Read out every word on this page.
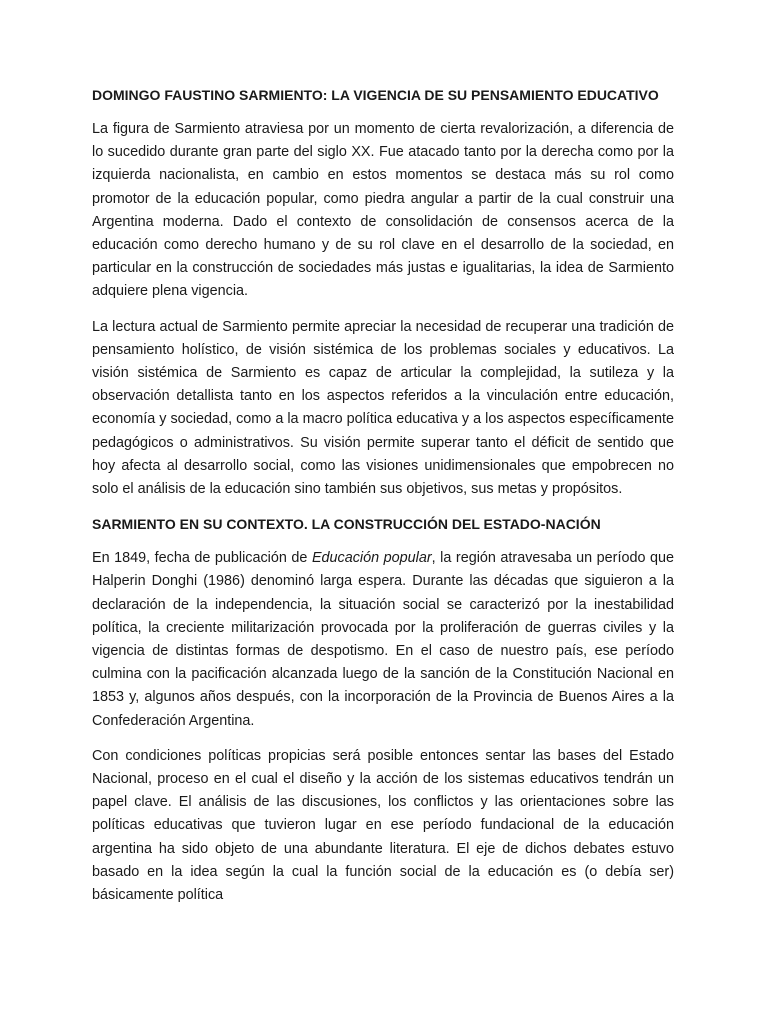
DOMINGO FAUSTINO SARMIENTO: LA VIGENCIA DE SU PENSAMIENTO EDUCATIVO

La figura de Sarmiento atraviesa por un momento de cierta revalorización, a diferencia de lo sucedido durante gran parte del siglo XX. Fue atacado tanto por la derecha como por la izquierda nacionalista, en cambio en estos momentos se destaca más su rol como promotor de la educación popular, como piedra angular a partir de la cual construir una Argentina moderna. Dado el contexto de consolidación de consensos acerca de la educación como derecho humano y de su rol clave en el desarrollo de la sociedad, en particular en la construcción de sociedades más justas e igualitarias, la idea de Sarmiento adquiere plena vigencia.

La lectura actual de Sarmiento permite apreciar la necesidad de recuperar una tradición de pensamiento holístico, de visión sistémica de los problemas sociales y educativos. La visión sistémica de Sarmiento es capaz de articular la complejidad, la sutileza y la observación detallista tanto en los aspectos referidos a la vinculación entre educación, economía y sociedad, como a la macro política educativa y a los aspectos específicamente pedagógicos o administrativos. Su visión permite superar tanto el déficit de sentido que hoy afecta al desarrollo social, como las visiones unidimensionales que empobrecen no solo el análisis de la educación sino también sus objetivos, sus metas y propósitos.

SARMIENTO EN SU CONTEXTO. LA CONSTRUCCIÓN DEL ESTADO-NACIÓN

En 1849, fecha de publicación de Educación popular, la región atravesaba un período que Halperin Donghi (1986) denominó larga espera. Durante las décadas que siguieron a la declaración de la independencia, la situación social se caracterizó por la inestabilidad política, la creciente militarización provocada por la proliferación de guerras civiles y la vigencia de distintas formas de despotismo. En el caso de nuestro país, ese período culmina con la pacificación alcanzada luego de la sanción de la Constitución Nacional en 1853 y, algunos años después, con la incorporación de la Provincia de Buenos Aires a la Confederación Argentina.

Con condiciones políticas propicias será posible entonces sentar las bases del Estado Nacional, proceso en el cual el diseño y la acción de los sistemas educativos tendrán un papel clave. El análisis de las discusiones, los conflictos y las orientaciones sobre las políticas educativas que tuvieron lugar en ese período fundacional de la educación argentina ha sido objeto de una abundante literatura. El eje de dichos debates estuvo basado en la idea según la cual la función social de la educación es (o debía ser) básicamente política
